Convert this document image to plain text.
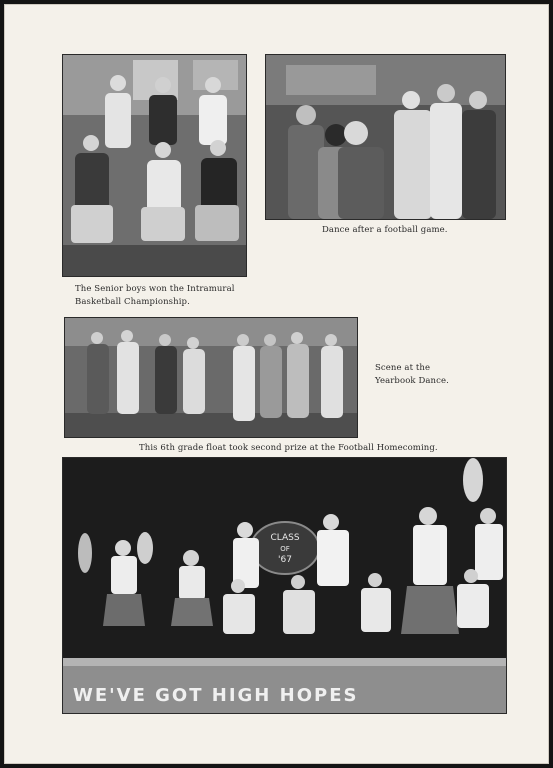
The Senior boys won the Intramural
Basketball Championship.
Dance after a football game.
Scene at the
Yearbook Dance.
This 6th grade float took second prize at the Football Homecoming.
CLASS
OF
'67
WE'VE GOT HIGH HOPES
